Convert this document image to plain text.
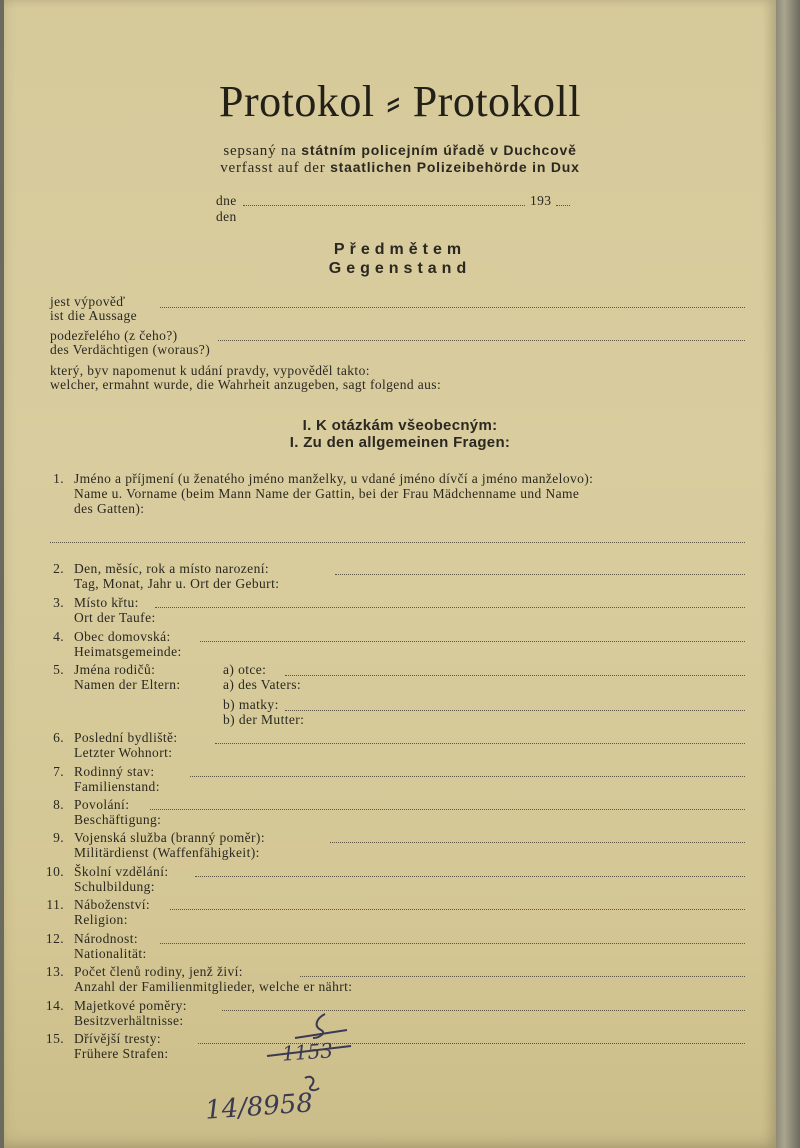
Protokol ⸗ Protokoll
sepsaný na státním policejním úřadě v Duchcově
verfasst auf der staatlichen Polizeibehörde in Dux
dne
den
193
Předmětem
Gegenstand
jest výpověď
ist die Aussage
podezřelého (z čeho?)
des Verdächtigen (woraus?)
který, byv napomenut k udání pravdy, vypověděl takto:
welcher, ermahnt wurde, die Wahrheit anzugeben, sagt folgend aus:
I. K otázkám všeobecným:
I. Zu den allgemeinen Fragen:
1. Jméno a příjmení (u ženatého jméno manželky, u vdané jméno dívčí a jméno manželovo):
Name u. Vorname (beim Mann Name der Gattin, bei der Frau Mädchenname und Name
des Gatten):
2. Den, měsíc, rok a místo narození:
Tag, Monat, Jahr u. Ort der Geburt:
3. Místo křtu:
Ort der Taufe:
4. Obec domovská:
Heimatsgemeinde:
5. Jména rodičů:
Namen der Eltern:
a) otce:
a) des Vaters:
b) matky:
b) der Mutter:
6. Poslední bydliště:
Letzter Wohnort:
7. Rodinný stav:
Familienstand:
8. Povolání:
Beschäftigung:
9. Vojenská služba (branný poměr):
Militärdienst (Waffenfähigkeit):
10. Školní vzdělání:
Schulbildung:
11. Náboženství:
Religion:
12. Národnost:
Nationalität:
13. Počet členů rodiny, jenž živí:
Anzahl der Familienmitglieder, welche er nährt:
14. Majetkové poměry:
Besitzverhältnisse:
15. Dřívější tresty:
Frühere Strafen:	1153
14/8958
